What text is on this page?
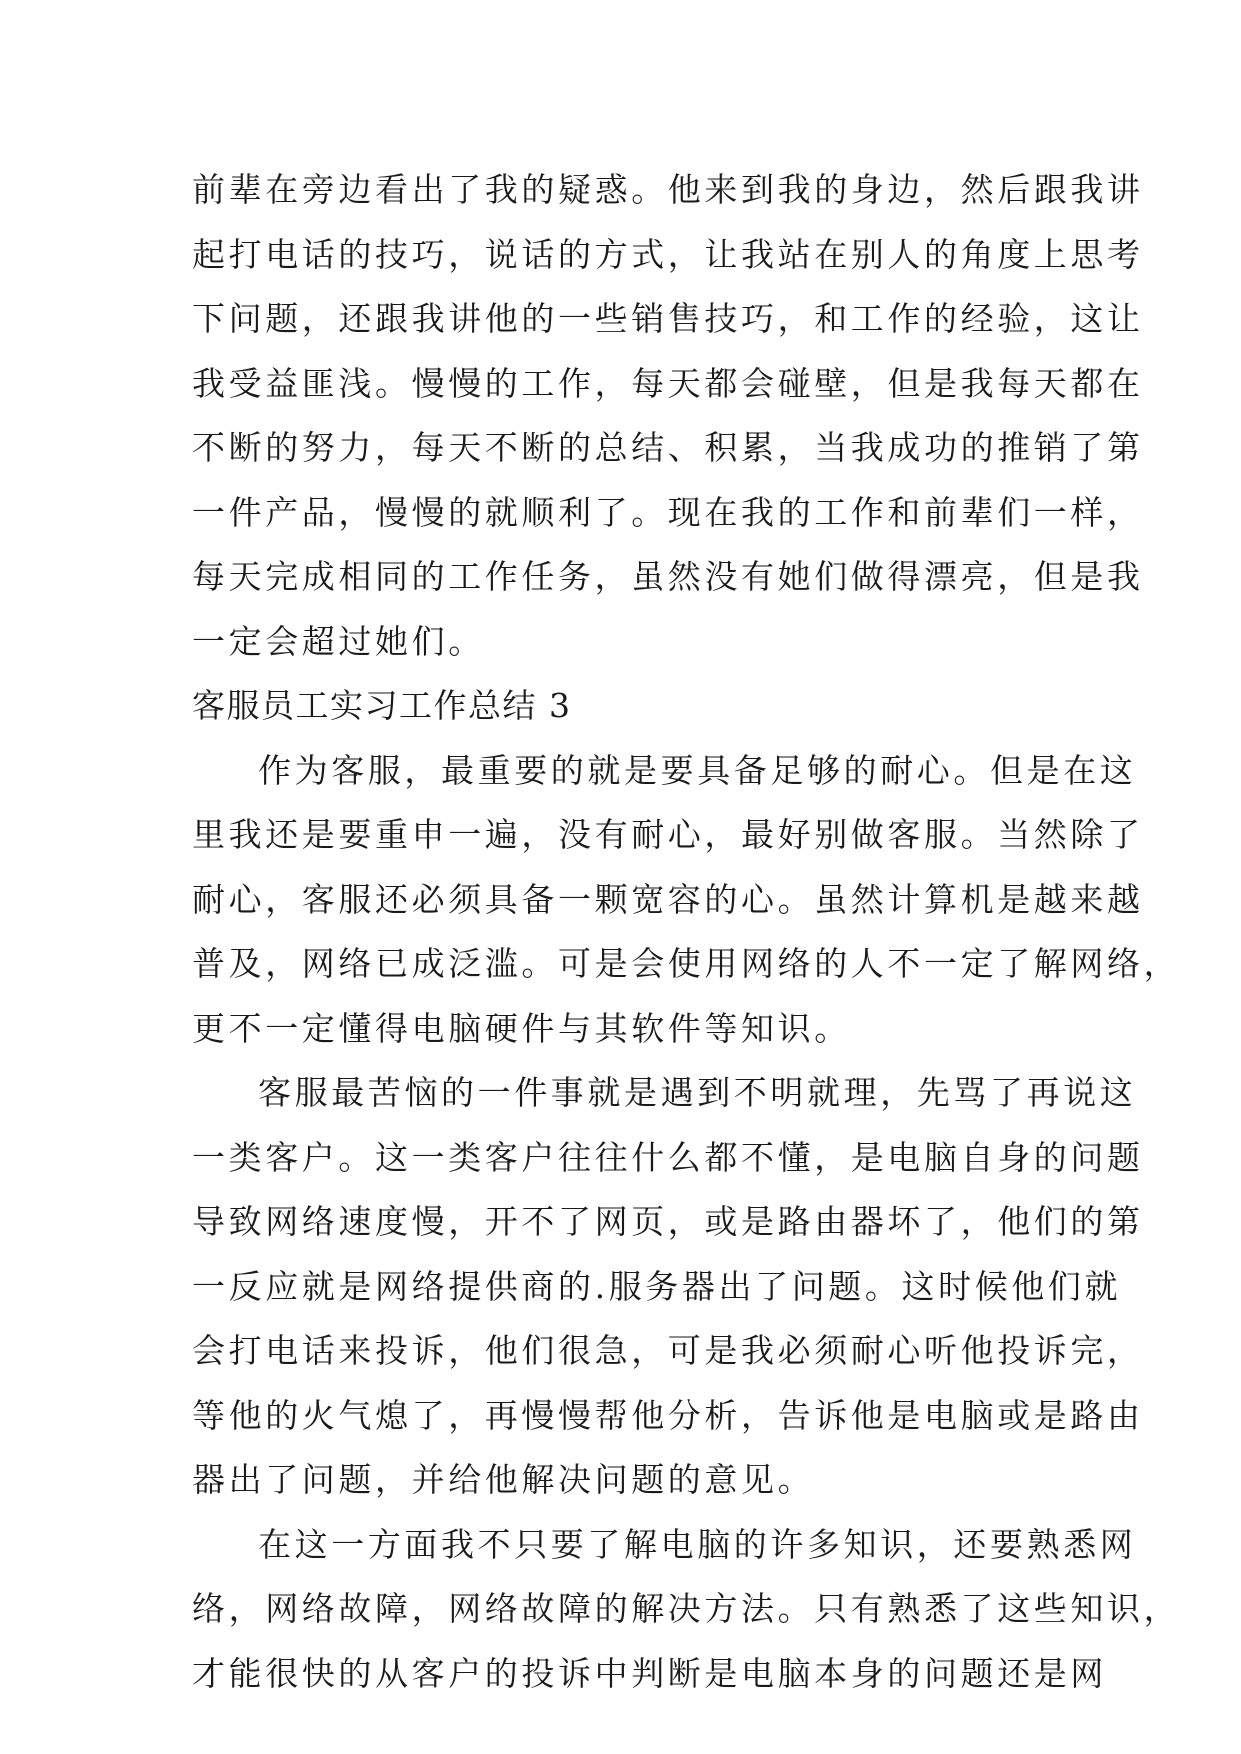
前辈在旁边看出了我的疑惑。他来到我的身边，然后跟我讲
起打电话的技巧，说话的方式，让我站在别人的角度上思考
下问题，还跟我讲他的一些销售技巧，和工作的经验，这让
我受益匪浅。慢慢的工作，每天都会碰壁，但是我每天都在
不断的努力，每天不断的总结、积累，当我成功的推销了第
一件产品，慢慢的就顺利了。现在我的工作和前辈们一样，
每天完成相同的工作任务，虽然没有她们做得漂亮，但是我
一定会超过她们。
客服员工实习工作总结 3
作为客服，最重要的就是要具备足够的耐心。但是在这
里我还是要重申一遍，没有耐心，最好别做客服。当然除了
耐心，客服还必须具备一颗宽容的心。虽然计算机是越来越
普及，网络已成泛滥。可是会使用网络的人不一定了解网络，
更不一定懂得电脑硬件与其软件等知识。
客服最苦恼的一件事就是遇到不明就理，先骂了再说这
一类客户。这一类客户往往什么都不懂，是电脑自身的问题
导致网络速度慢，开不了网页，或是路由器坏了，他们的第
一反应就是网络提供商的.服务器出了问题。这时候他们就
会打电话来投诉，他们很急，可是我必须耐心听他投诉完，
等他的火气熄了，再慢慢帮他分析，告诉他是电脑或是路由
器出了问题，并给他解决问题的意见。
在这一方面我不只要了解电脑的许多知识，还要熟悉网
络，网络故障，网络故障的解决方法。只有熟悉了这些知识，
才能很快的从客户的投诉中判断是电脑本身的问题还是网
